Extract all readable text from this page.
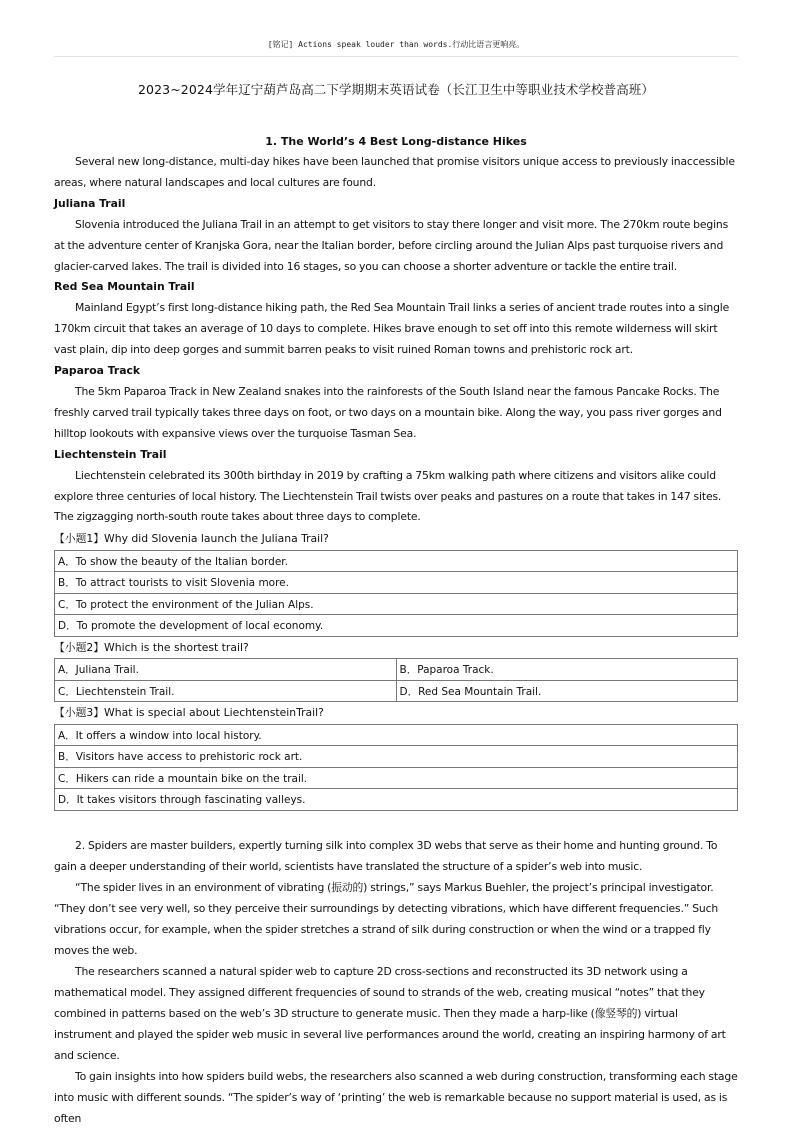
[铭记] Actions speak louder than words.行动比语言更响亮。
2023~2024学年辽宁葫芦岛高二下学期期末英语试卷（长江卫生中等职业技术学校普高班）
1. The World’s 4 Best Long-distance Hikes

Several new long-distance, multi-day hikes have been launched that promise visitors unique access to previously inaccessible areas, where natural landscapes and local cultures are found.

Juliana Trail

Slovenia introduced the Juliana Trail in an attempt to get visitors to stay there longer and visit more. The 270km route begins at the adventure center of Kranjska Gora, near the Italian border, before circling around the Julian Alps past turquoise rivers and glacier-carved lakes. The trail is divided into 16 stages, so you can choose a shorter adventure or tackle the entire trail.

Red Sea Mountain Trail

Mainland Egypt’s first long-distance hiking path, the Red Sea Mountain Trail links a series of ancient trade routes into a single 170km circuit that takes an average of 10 days to complete. Hikes brave enough to set off into this remote wilderness will skirt vast plain, dip into deep gorges and summit barren peaks to visit ruined Roman towns and prehistoric rock art.

Paparoa Track

The 5km Paparoa Track in New Zealand snakes into the rainforests of the South Island near the famous Pancake Rocks. The freshly carved trail typically takes three days on foot, or two days on a mountain bike. Along the way, you pass river gorges and hilltop lookouts with expansive views over the turquoise Tasman Sea.

Liechtenstein Trail

Liechtenstein celebrated its 300th birthday in 2019 by crafting a 75km walking path where citizens and visitors alike could explore three centuries of local history. The Liechtenstein Trail twists over peaks and pastures on a route that takes in 147 sites. The zigzagging north-south route takes about three days to complete.

【小题1】Why did Slovenia launch the Juliana Trail?
A．To show the beauty of the Italian border.
B．To attract tourists to visit Slovenia more.
C．To protect the environment of the Julian Alps.
D．To promote the development of local economy.
【小题2】Which is the shortest trail?
A．Juliana Trail.	B．Paparoa Track.
C．Liechtenstein Trail.	D．Red Sea Mountain Trail.
【小题3】What is special about LiechtensteinTrail?
A．It offers a window into local history.
B．Visitors have access to prehistoric rock art.
C．Hikers can ride a mountain bike on the trail.
D．It takes visitors through fascinating valleys.

2. Spiders are master builders, expertly turning silk into complex 3D webs that serve as their home and hunting ground. To gain a deeper understanding of their world, scientists have translated the structure of a spider’s web into music.

“The spider lives in an environment of vibrating (振动的) strings,” says Markus Buehler, the project’s principal investigator. “They don’t see very well, so they perceive their surroundings by detecting vibrations, which have different frequencies.” Such vibrations occur, for example, when the spider stretches a strand of silk during construction or when the wind or a trapped fly moves the web.

The researchers scanned a natural spider web to capture 2D cross-sections and reconstructed its 3D network using a mathematical model. They assigned different frequencies of sound to strands of the web, creating musical “notes” that they combined in patterns based on the web’s 3D structure to generate music. Then they made a harp-like (像竖琴的) virtual instrument and played the spider web music in several live performances around the world, creating an inspiring harmony of art and science.

To gain insights into how spiders build webs, the researchers also scanned a web during construction, transforming each stage into music with different sounds. “The spider’s way of ‘printing’ the web is remarkable because no support material is used, as is often
